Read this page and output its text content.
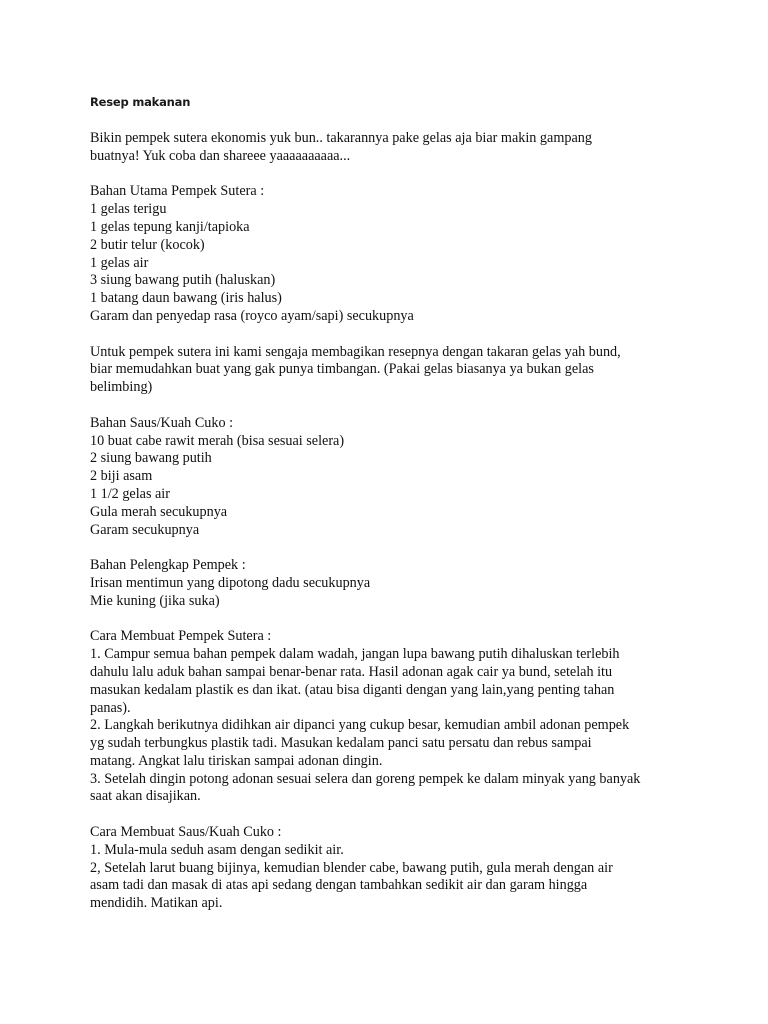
Resep makanan
Bikin pempek sutera ekonomis yuk bun.. takarannya pake gelas aja biar makin gampang
buatnya! Yuk coba dan shareee yaaaaaaaaaa...
Bahan Utama Pempek Sutera :
1 gelas terigu
1 gelas tepung kanji/tapioka
2 butir telur (kocok)
1 gelas air
3 siung bawang putih (haluskan)
1 batang daun bawang (iris halus)
Garam dan penyedap rasa (royco ayam/sapi) secukupnya
Untuk pempek sutera ini kami sengaja membagikan resepnya dengan takaran gelas yah bund,
biar memudahkan buat yang gak punya timbangan. (Pakai gelas biasanya ya bukan gelas
belimbing)
Bahan Saus/Kuah Cuko :
10 buat cabe rawit merah (bisa sesuai selera)
2 siung bawang putih
2 biji asam
1 1/2 gelas air
Gula merah secukupnya
Garam secukupnya
Bahan Pelengkap Pempek :
Irisan mentimun yang dipotong dadu secukupnya
Mie kuning (jika suka)
Cara Membuat Pempek Sutera :
1. Campur semua bahan pempek dalam wadah, jangan lupa bawang putih dihaluskan terlebih
dahulu lalu aduk bahan sampai benar-benar rata. Hasil adonan agak cair ya bund, setelah itu
masukan kedalam plastik es dan ikat. (atau bisa diganti dengan yang lain,yang penting tahan
panas).
2. Langkah berikutnya didihkan air dipanci yang cukup besar, kemudian ambil adonan pempek
yg sudah terbungkus plastik tadi. Masukan kedalam panci satu persatu dan rebus sampai
matang. Angkat lalu tiriskan sampai adonan dingin.
3. Setelah dingin potong adonan sesuai selera dan goreng pempek ke dalam minyak yang banyak
saat akan disajikan.
Cara Membuat Saus/Kuah Cuko :
1. Mula-mula seduh asam dengan sedikit air.
2, Setelah larut buang bijinya, kemudian blender cabe, bawang putih, gula merah dengan air
asam tadi dan masak di atas api sedang dengan tambahkan sedikit air dan garam hingga
mendidih. Matikan api.
